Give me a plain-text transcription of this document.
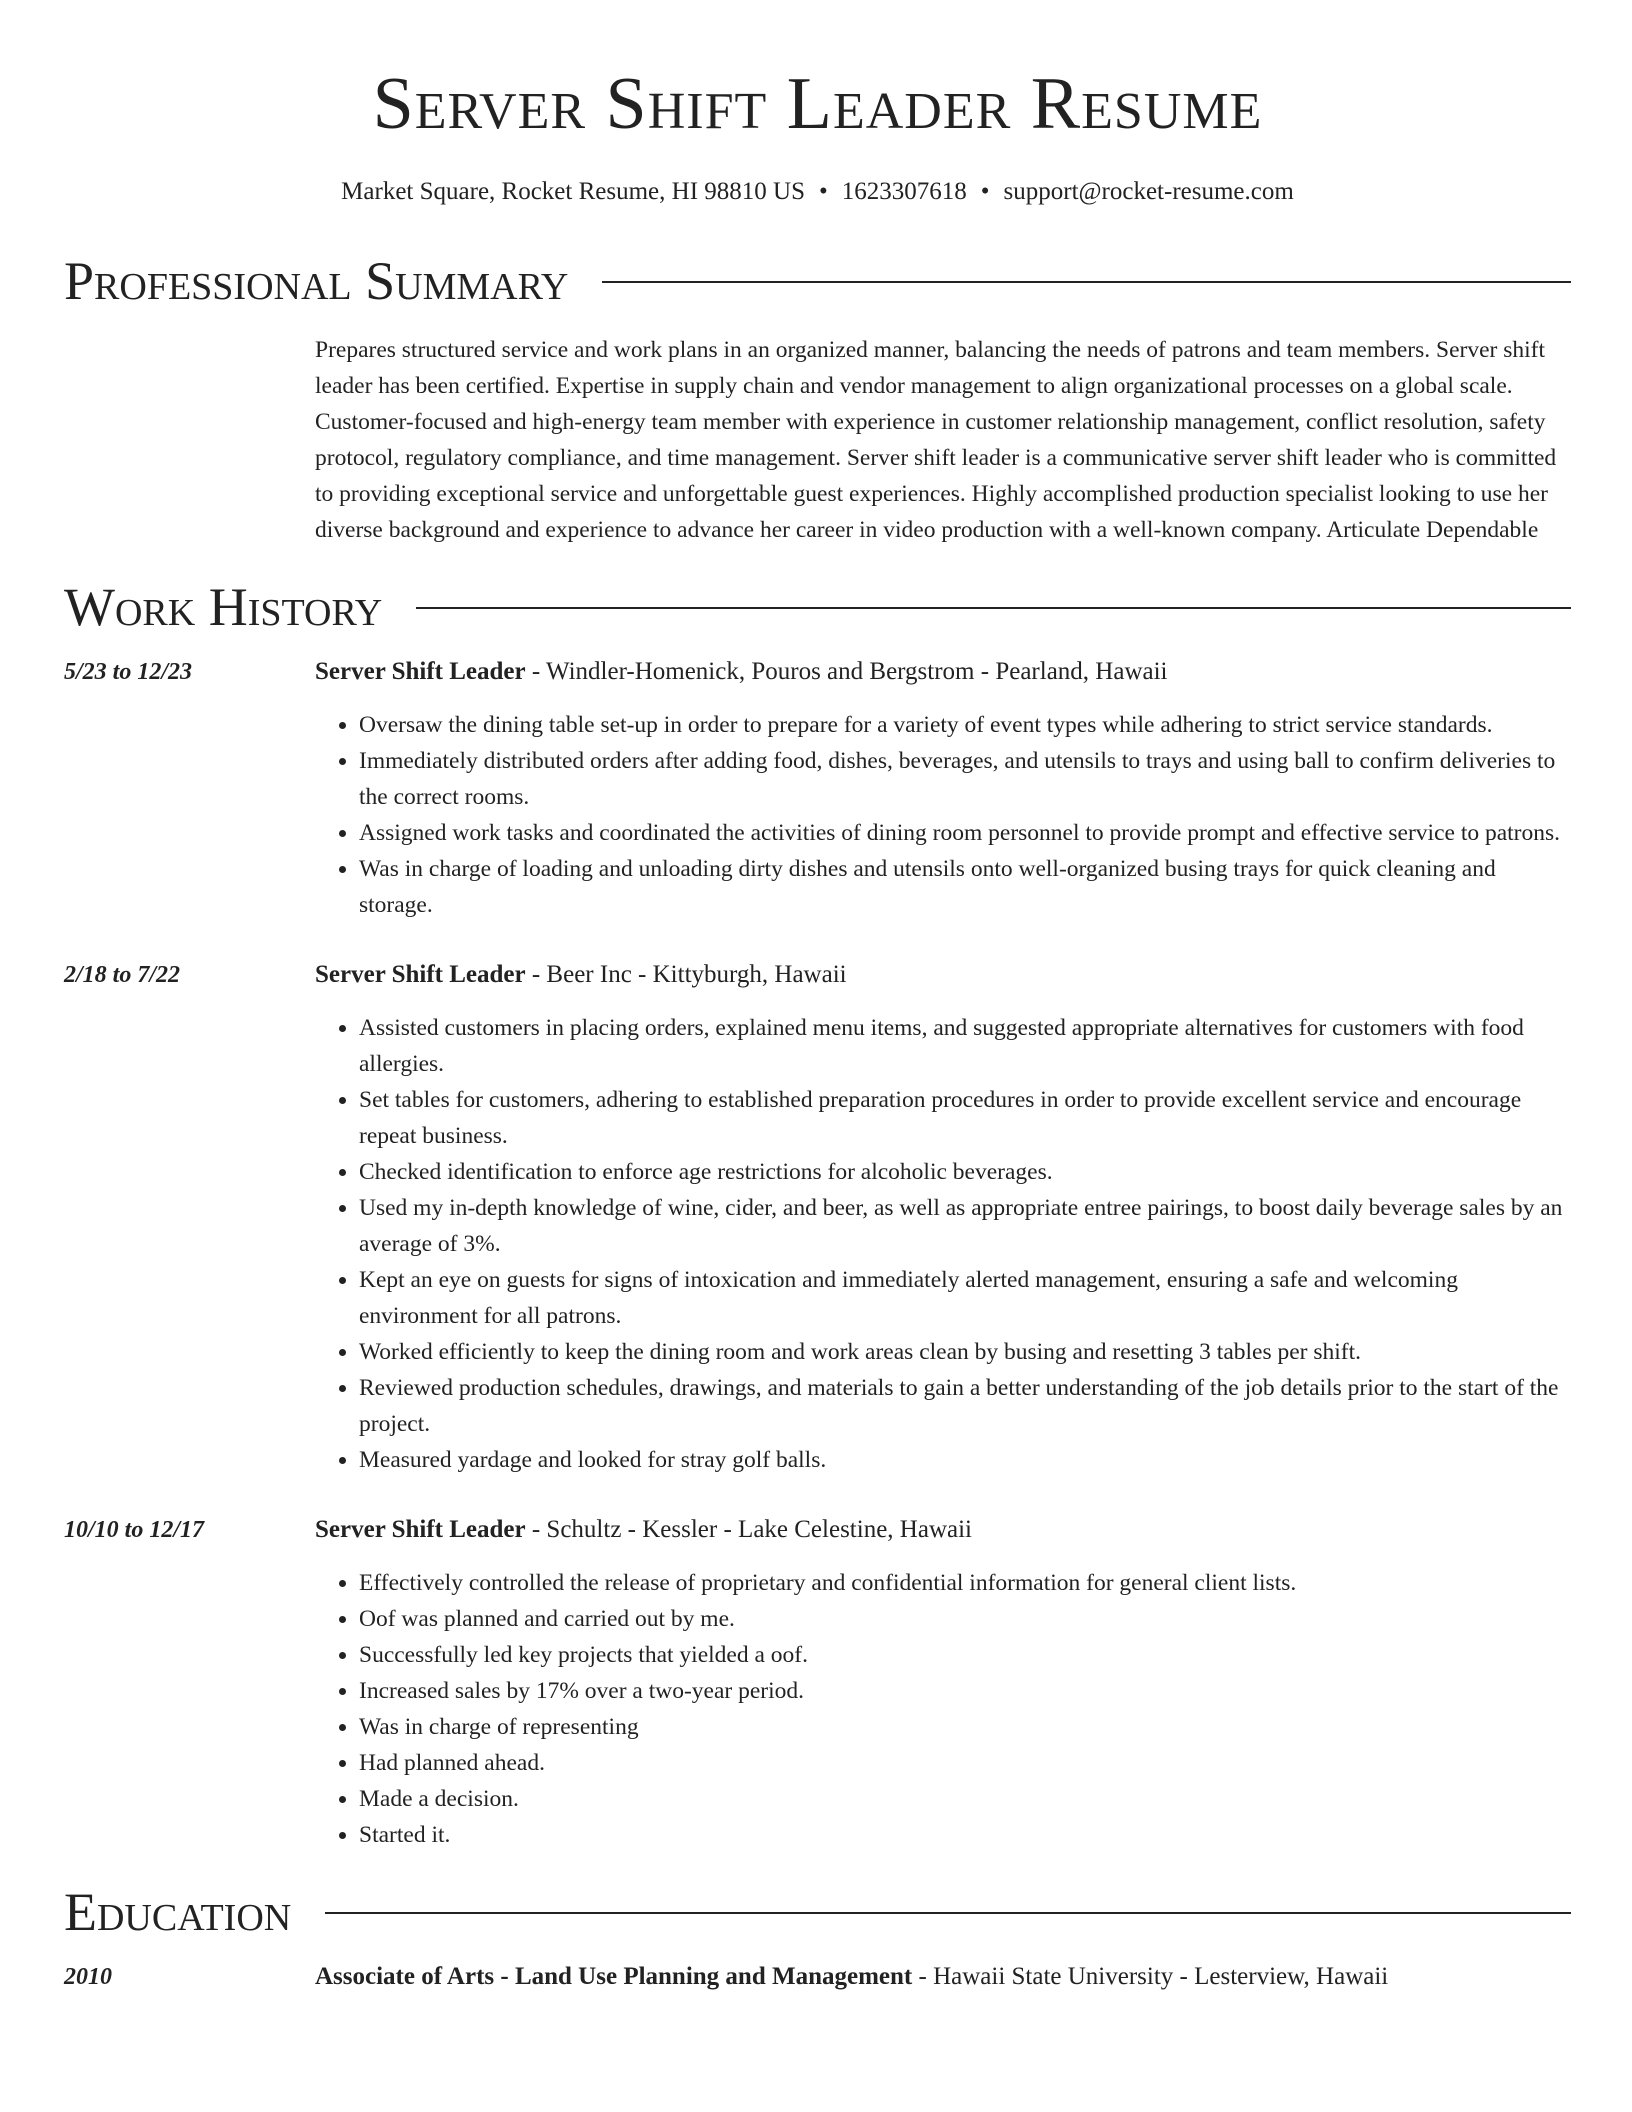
Server Shift Leader Resume
Market Square, Rocket Resume, HI 98810 US • 1623307618 • support@rocket-resume.com
Professional Summary
Prepares structured service and work plans in an organized manner, balancing the needs of patrons and team members. Server shift leader has been certified. Expertise in supply chain and vendor management to align organizational processes on a global scale. Customer-focused and high-energy team member with experience in customer relationship management, conflict resolution, safety protocol, regulatory compliance, and time management. Server shift leader is a communicative server shift leader who is committed to providing exceptional service and unforgettable guest experiences. Highly accomplished production specialist looking to use her diverse background and experience to advance her career in video production with a well-known company. Articulate Dependable
Work History
5/23 to 12/23	Server Shift Leader - Windler-Homenick, Pouros and Bergstrom - Pearland, Hawaii
• Oversaw the dining table set-up in order to prepare for a variety of event types while adhering to strict service standards.
• Immediately distributed orders after adding food, dishes, beverages, and utensils to trays and using ball to confirm deliveries to the correct rooms.
• Assigned work tasks and coordinated the activities of dining room personnel to provide prompt and effective service to patrons.
• Was in charge of loading and unloading dirty dishes and utensils onto well-organized busing trays for quick cleaning and storage.
2/18 to 7/22	Server Shift Leader - Beer Inc - Kittyburgh, Hawaii
• Assisted customers in placing orders, explained menu items, and suggested appropriate alternatives for customers with food allergies.
• Set tables for customers, adhering to established preparation procedures in order to provide excellent service and encourage repeat business.
• Checked identification to enforce age restrictions for alcoholic beverages.
• Used my in-depth knowledge of wine, cider, and beer, as well as appropriate entree pairings, to boost daily beverage sales by an average of 3%.
• Kept an eye on guests for signs of intoxication and immediately alerted management, ensuring a safe and welcoming environment for all patrons.
• Worked efficiently to keep the dining room and work areas clean by busing and resetting 3 tables per shift.
• Reviewed production schedules, drawings, and materials to gain a better understanding of the job details prior to the start of the project.
• Measured yardage and looked for stray golf balls.
10/10 to 12/17	Server Shift Leader - Schultz - Kessler - Lake Celestine, Hawaii
• Effectively controlled the release of proprietary and confidential information for general client lists.
• Oof was planned and carried out by me.
• Successfully led key projects that yielded a oof.
• Increased sales by 17% over a two-year period.
• Was in charge of representing
• Had planned ahead.
• Made a decision.
• Started it.
Education
2010	Associate of Arts - Land Use Planning and Management - Hawaii State University - Lesterview, Hawaii
